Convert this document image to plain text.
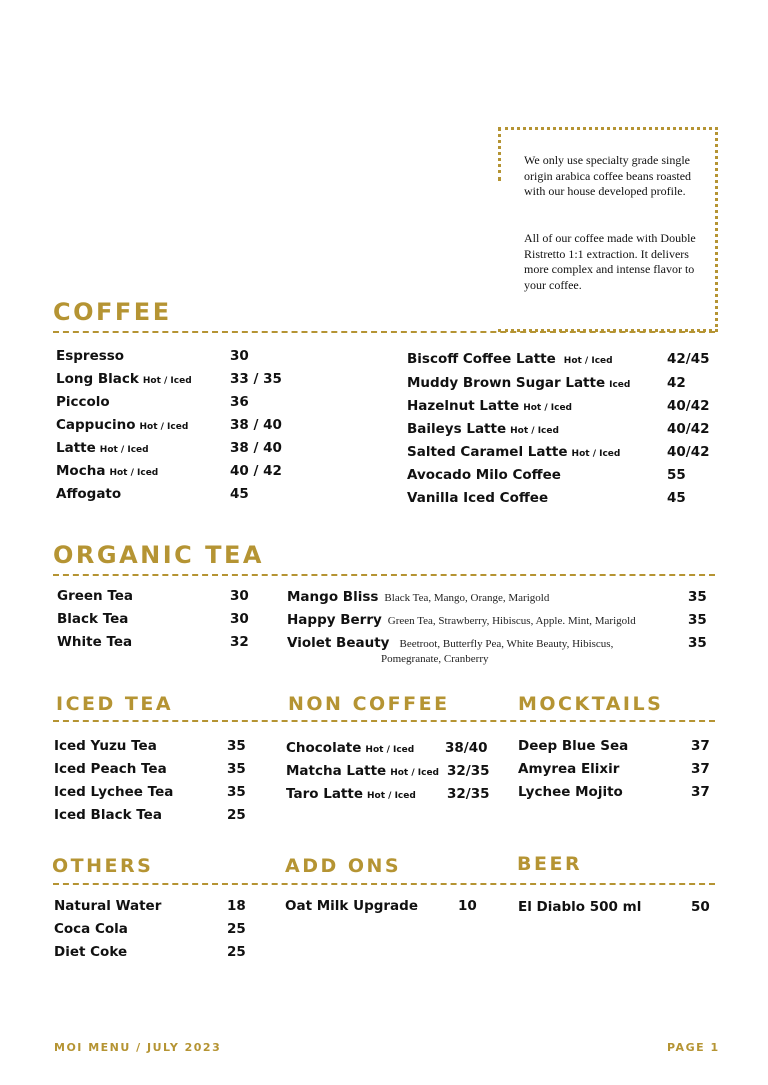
We only use specialty grade single origin arabica coffee beans roasted with our house developed profile.
All of our coffee made with Double Ristretto 1:1 extraction. It delivers more complex and intense flavor to your coffee.
COFFEE
Espresso	30
Long Black Hot / Iced	33 / 35
Piccolo	36
Cappucino Hot / Iced	38 / 40
Latte Hot / Iced	38 / 40
Mocha Hot / Iced	40 / 42
Affogato	45
Biscoff Coffee Latte Hot / Iced	42/45
Muddy Brown Sugar Latte Iced	42
Hazelnut Latte Hot / Iced	40/42
Baileys Latte Hot / Iced	40/42
Salted Caramel Latte Hot / Iced	40/42
Avocado Milo Coffee	55
Vanilla Iced Coffee	45
ORGANIC TEA
Green Tea	30
Black Tea	30
White Tea	32
Mango Bliss Black Tea, Mango, Orange, Marigold	35
Happy Berry Green Tea, Strawberry, Hibiscus, Apple. Mint, Marigold	35
Violet Beauty Beetroot, Butterfly Pea, White Beauty, Hibiscus,	35
Pomegranate, Cranberry
ICED TEA	NON COFFEE	MOCKTAILS
Iced Yuzu Tea	35
Iced Peach Tea	35
Iced Lychee Tea	35
Iced Black Tea	25
Chocolate Hot / Iced 38/40
Matcha Latte Hot / Iced 32/35
Taro Latte Hot / Iced 32/35
Deep Blue Sea	37
Amyrea Elixir	37
Lychee Mojito	37
OTHERS	ADD ONS	BEER
Natural Water	18
Coca Cola	25
Diet Coke	25
Oat Milk Upgrade	10	El Diablo 500 ml	50
MOI MENU / JULY 2023	PAGE 1
